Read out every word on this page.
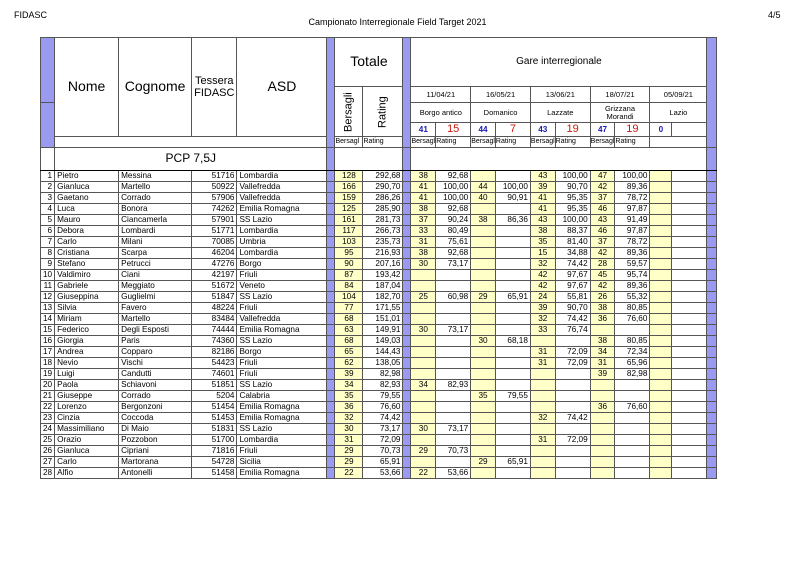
FIDASC
Campionato Interregionale Field Target 2021
4/5
	Nome	Cognome	Tessera FIDASC	ASD		Totale			Gare interregionale										
						Bersagli	Rating		11/04/21		16/05/21		13/06/21		18/07/21		05/09/21		
									Borgo antico		Domanico		Lazzate		Grizzana Morandi		Lazio		
									41	15	44	7	43	19	47	19	0		
						Bersagl	Rating		Bersagl	Rating	Bersagl	Rating	Bersagl	Rating	Bersagl	Rating			
	PCP 7,5J																		
1	Pietro	Messina	51716	Lombardia		128	292,68		38	92,68			43	100,00	47	100,00			
2	Gianluca	Martello	50922	Vallefredda		166	290,70		41	100,00	44	100,00	39	90,70	42	89,36			
3	Gaetano	Corrado	57906	Vallefredda		159	286,26		41	100,00	40	90,91	41	95,35	37	78,72			
4	Luca	Bonora	74262	Emilia Romagna		125	285,90		38	92,68			41	95,35	46	97,87			
5	Mauro	Ciancamerla	57901	SS Lazio		161	281,73		37	90,24	38	86,36	43	100,00	43	91,49			
6	Debora	Lombardi	51771	Lombardia		117	266,73		33	80,49			38	88,37	46	97,87			
7	Carlo	Milani	70085	Umbria		103	235,73		31	75,61			35	81,40	37	78,72			
8	Cristiana	Scarpa	46204	Lombardia		95	216,93		38	92,68			15	34,88	42	89,36			
9	Stefano	Petrucci	47276	Borgo		90	207,16		30	73,17			32	74,42	28	59,57			
10	Valdimiro	Ciani	42197	Friuli		87	193,42						42	97,67	45	95,74			
11	Gabriele	Meggiato	51672	Veneto		84	187,04						42	97,67	42	89,36			
12	Giuseppina	Guglielmi	51847	SS Lazio		104	182,70		25	60,98	29	65,91	24	55,81	26	55,32			
13	Silvia	Favero	48224	Friuli		77	171,55						39	90,70	38	80,85			
14	Miriam	Martello	83484	Vallefredda		68	151,01						32	74,42	36	76,60			
15	Federico	Degli Esposti	74444	Emilia Romagna		63	149,91		30	73,17			33	76,74					
16	Giorgia	Paris	74360	SS Lazio		68	149,03				30	68,18			38	80,85			
17	Andrea	Copparo	82186	Borgo		65	144,43						31	72,09	34	72,34			
18	Nevio	Vischi	54423	Friuli		62	138,05						31	72,09	31	65,96			
19	Luigi	Candutti	74601	Friuli		39	82,98								39	82,98			
20	Paola	Schiavoni	51851	SS Lazio		34	82,93		34	82,93									
21	Giuseppe	Corrado	5204	Calabria		35	79,55				35	79,55							
22	Lorenzo	Bergonzoni	51454	Emilia Romagna		36	76,60								36	76,60			
23	Cinzia	Coccoda	51453	Emilia Romagna		32	74,42						32	74,42					
24	Massimiliano	Di Maio	51831	SS Lazio		30	73,17		30	73,17									
25	Orazio	Pozzobon	51700	Lombardia		31	72,09						31	72,09					
26	Gianluca	Cipriani	71816	Friuli		29	70,73		29	70,73									
27	Carlo	Martorana	54728	Sicilia		29	65,91				29	65,91							
28	Alfio	Antonelli	51458	Emilia Romagna		22	53,66		22	53,66									
